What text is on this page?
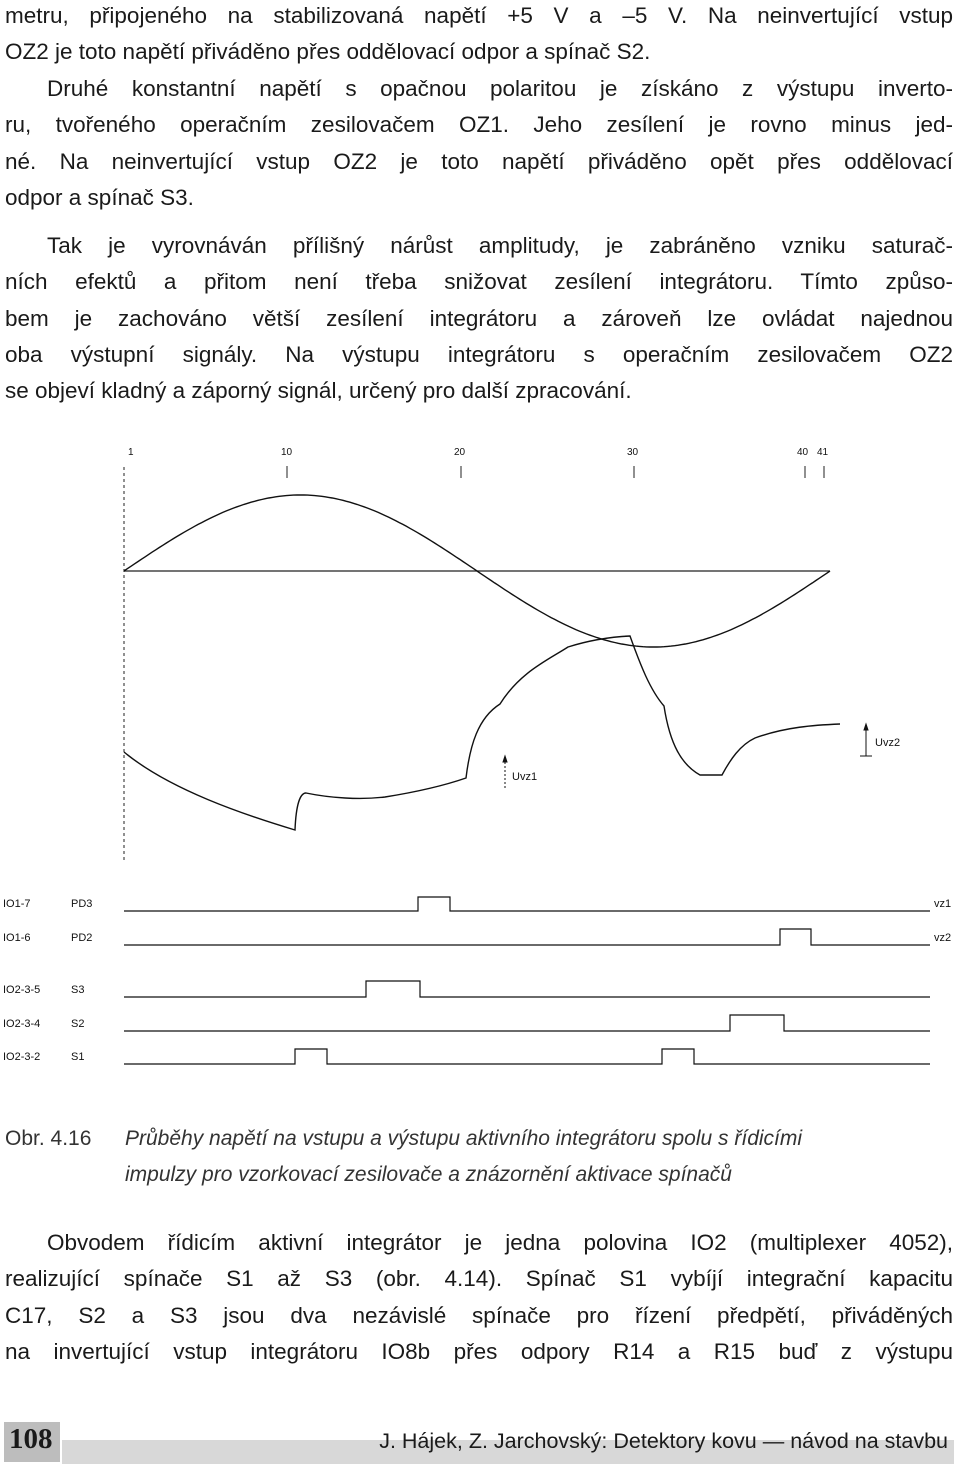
metru, připojeného na stabilizovaná napětí +5 V a –5 V. Na neinvertující vstup
OZ2 je toto napětí přiváděno přes oddělovací odpor a spínač S2.
Druhé konstantní napětí s opačnou polaritou je získáno z výstupu inverto-
ru, tvořeného operačním zesilovačem OZ1. Jeho zesílení je rovno minus jed-
né. Na neinvertující vstup OZ2 je toto napětí přiváděno opět přes oddělovací
odpor a spínač S3.
Tak je vyrovnáván přílišný nárůst amplitudy, je zabráněno vzniku saturač-
ních efektů a přitom není třeba snižovat zesílení integrátoru. Tímto způso-
bem je zachováno větší zesílení integrátoru a zároveň lze ovládat najednou
oba výstupní signály. Na výstupu integrátoru s operačním zesilovačem OZ2
se objeví kladný a záporný signál, určený pro další zpracování.
1	10	20	30	40 41
Uvz1
Uvz2
IO1-7	PD3	vz1
IO1-6	PD2	vz2
IO2-3-5	S3
IO2-3-4	S2
IO2-3-2	S1
Obr. 4.16 Průběhy napětí na vstupu a výstupu aktivního integrátoru spolu s řídicími
impulzy pro vzorkovací zesilovače a znázornění aktivace spínačů
Obvodem řídicím aktivní integrátor je jedna polovina IO2 (multiplexer 4052),
realizující spínače S1 až S3 (obr. 4.14). Spínač S1 vybíjí integrační kapacitu
C17, S2 a S3 jsou dva nezávislé spínače pro řízení předpětí, přiváděných
na invertující vstup integrátoru IO8b přes odpory R14 a R15 buď z výstupu
108	J. Hájek, Z. Jarchovský: Detektory kovu — návod na stavbu
